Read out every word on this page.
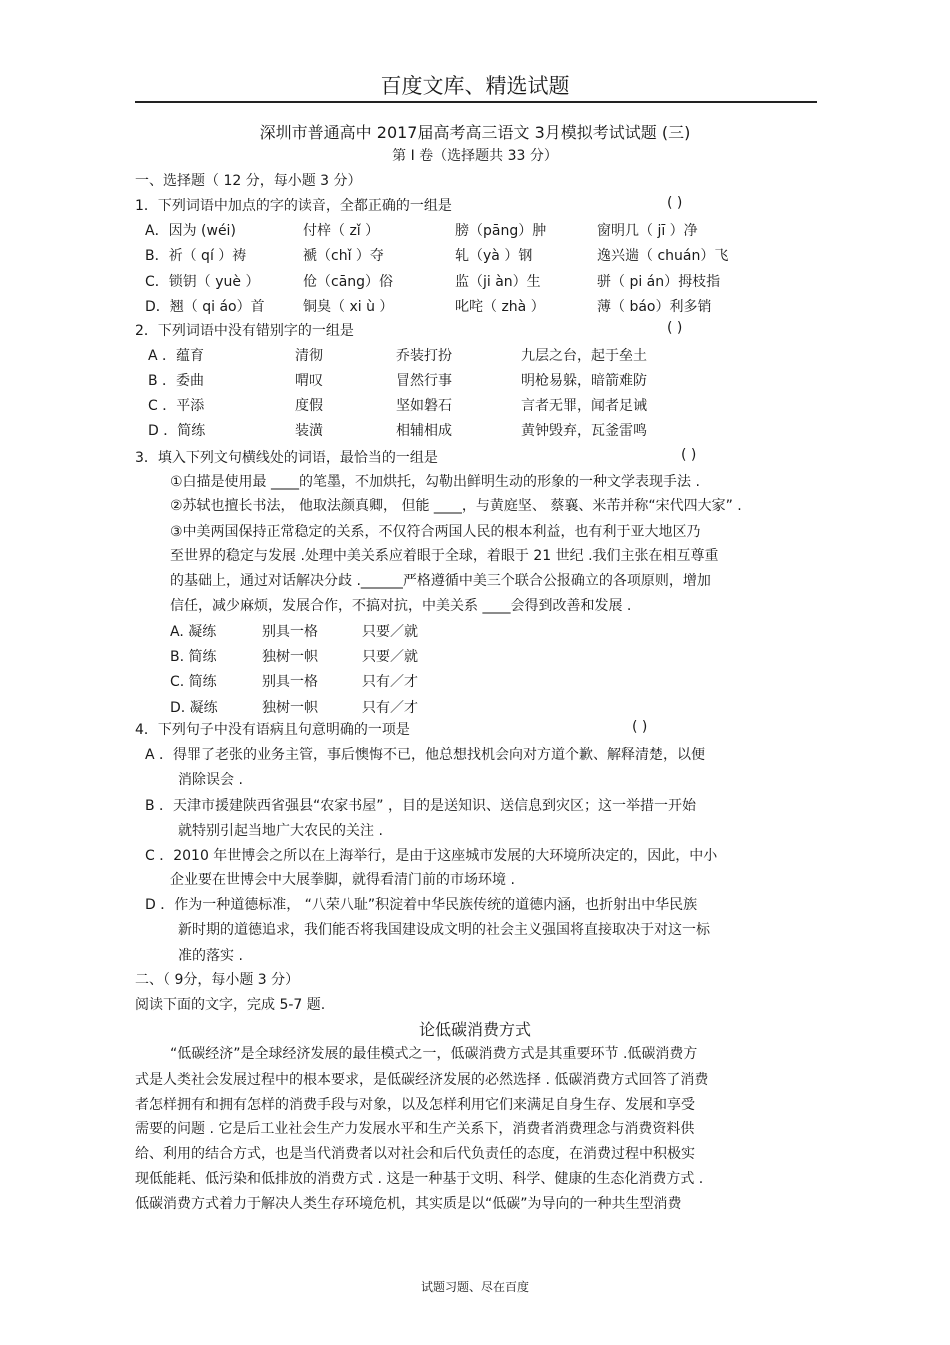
百度文库、精选试题
深圳市普通高中 2017届高考高三语文 3月模拟考试试题 (三)
第 I 卷（选择题共 33 分）
一、选择题（ 12 分，每小题 3 分）
1．下列词语中加点的字的读音，全都正确的一组是	( )
A．因为 (wéi)	付梓（ zǐ ）	膀（pāng）肿	窗明几（ jī ）净
B．祈（ qí ）祷	褫（chǐ ）夺	轧（yà ）钢	逸兴遄（ chuán）飞
C．锁钥（ yuè ）	伧（cāng）俗	监（ji àn）生	骈（ pi án）拇枝指
D．翘（ qi áo）首	铜臭（ xi ù ）	叱咤（ zhà ）	薄（ báo）利多销
2．下列词语中没有错别字的一组是	( )
A ．蕴育	清彻	乔装打扮	九层之台，起于垒土
B ．委曲	喟叹	冒然行事	明枪易躲，暗箭难防
C ．平添	度假	坚如磐石	言者无罪，闻者足诫
D ．简练	装潢	相辅相成	黄钟毁弃，瓦釜雷鸣
3．填入下列文句横线处的词语，最恰当的一组是	( )
①白描是使用最 ____的笔墨，不加烘托，勾勒出鲜明生动的形象的一种文学表现手法 .
②苏轼也擅长书法， 他取法颜真卿， 但能 ____，与黄庭坚、 蔡襄、米芾并称“宋代四大家” .
③中美两国保持正常稳定的关系，不仅符合两国人民的根本利益，也有利于亚大地区乃
至世界的稳定与发展 .处理中美关系应着眼于全球，着眼于 21 世纪 .我们主张在相互尊重
的基础上，通过对话解决分歧 .______严格遵循中美三个联合公报确立的各项原则，增加
信任，减少麻烦，发展合作，不搞对抗，中美关系 ____会得到改善和发展 .
A. 凝练	别具一格	只要／就
B. 简练	独树一帜	只要／就
C. 简练	别具一格	只有／才
D. 凝练	独树一帜	只有／才
4．下列句子中没有语病且句意明确的一项是	( )
A ．得罪了老张的业务主管，事后懊悔不已，他总想找机会向对方道个歉、解释清楚，以便
消除误会 .
B ．天津市援建陕西省强县“农家书屋” ，目的是送知识、送信息到灾区；这一举措一开始
就特别引起当地广大农民的关注 .
C ．2010 年世博会之所以在上海举行，是由于这座城市发展的大环境所决定的，因此，中小
企业要在世博会中大展拳脚，就得看清门前的市场环境 .
D ．作为一种道德标准， “八荣八耻”积淀着中华民族传统的道德内涵，也折射出中华民族
新时期的道德追求，我们能否将我国建设成文明的社会主义强国将直接取决于对这一标
准的落实 .
二、（ 9分，每小题 3 分）
阅读下面的文字，完成 5-7 题.
论低碳消费方式
“低碳经济”是全球经济发展的最佳模式之一，低碳消费方式是其重要环节 .低碳消费方
式是人类社会发展过程中的根本要求，是低碳经济发展的必然选择 . 低碳消费方式回答了消费
者怎样拥有和拥有怎样的消费手段与对象，以及怎样利用它们来满足自身生存、发展和享受
需要的问题 . 它是后工业社会生产力发展水平和生产关系下，消费者消费理念与消费资料供
给、利用的结合方式，也是当代消费者以对社会和后代负责任的态度，在消费过程中积极实
现低能耗、低污染和低排放的消费方式 . 这是一种基于文明、科学、健康的生态化消费方式 .
低碳消费方式着力于解决人类生存环境危机，其实质是以“低碳”为导向的一种共生型消费
试题习题、尽在百度
